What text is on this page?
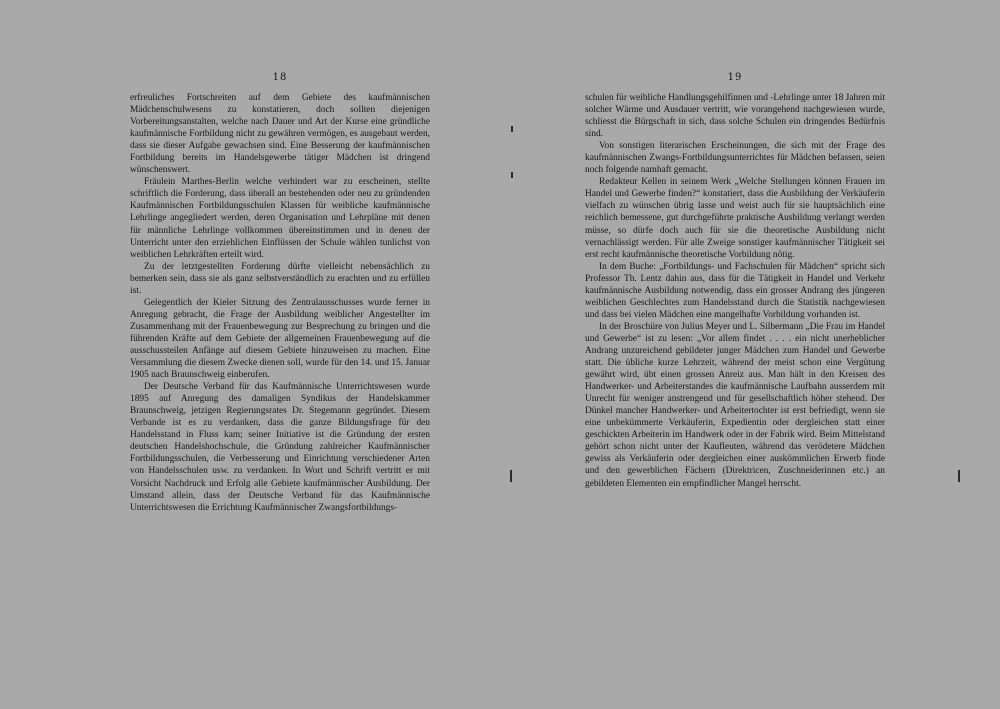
18

erfreuliches Fortschreiten auf dem Gebiete des kaufmännischen Mädchenschulwesens zu konstatieren, doch sollten diejenigen Vorbereitungsanstalten, welche nach Dauer und Art der Kurse eine gründliche kaufmännische Fortbildung nicht zu gewähren vermögen, es ausgebaut werden, dass sie dieser Aufgabe gewachsen sind. Eine Besserung der kaufmännischen Fortbildung bereits im Handelsgewerbe tätiger Mädchen ist dringend wünschenswert.

Fräulein Marthes-Berlin welche verhindert war zu erscheinen, stellte schriftlich die Forderung, dass überall an bestehenden oder neu zu gründenden Kaufmännischen Fortbildungsschulen Klassen für weibliche kaufmännische Lehrlinge angegliedert werden, deren Organisation und Lehrpläne mit denen für männliche Lehrlinge vollkommen übereinstimmen und in denen der Unterricht unter den erziehlichen Einflüssen der Schule wählen tunlichst von weiblichen Lehrkräften erteilt wird.

Zu der letztgestellten Forderung dürfte vielleicht nebensächlich zu bemerken sein, dass sie als ganz selbstverständlich zu erachten und zu erfüllen ist.

Gelegentlich der Kieler Sitzung des Zentralausschusses wurde ferner in Anregung gebracht, die Frage der Ausbildung weiblicher Angestellter im Zusammenhang mit der Frauenbewegung zur Besprechung zu bringen und die führenden Kräfte auf dem Gebiete der allgemeinen Frauenbewegung auf die ausschussteilen Anfänge auf diesem Gebiete hinzuweisen zu machen. Eine Versammlung die diesem Zwecke dienen soll, wurde für den 14. und 15. Januar 1905 nach Braunschweig einberufen.

Der Deutsche Verband für das Kaufmännische Unterrichtswesen wurde 1895 auf Anregung des damaligen Syndikus der Handelskammer Braunschweig, jetzigen Regierungsrates Dr. Stegemann gegründet. Diesem Verbande ist es zu verdanken, dass die ganze Bildungsfrage für den Handelsstand in Fluss kam; seiner Initiative ist die Gründung der ersten deutschen Handelshochschule, die Gründung zahlreicher Kaufmännischer Fortbildungsschulen, die Verbesserung und Einrichtung verschiedener Arten von Handelsschulen usw. zu verdanken. In Wort und Schrift vertritt er mit Vorsicht Nachdruck und Erfolg alle Gebiete kaufmännischer Ausbildung. Der Umstand allein, dass der Deutsche Verband für das Kaufmännische Unterrichtswesen die Errichtung Kaufmännischer Zwangsfortbildungs-

19

schulen für weibliche Handlungsgehilfinnen und -Lehrlinge unter 18 Jahren mit solcher Wärme und Ausdauer vertritt, wie vorangehend nachgewiesen wurde, schliesst die Bürgschaft in sich, dass solche Schulen ein dringendes Bedürfnis sind.

Von sonstigen literarischen Erscheinungen, die sich mit der Frage des kaufmännischen Zwangs-Fortbildungsunterrichtes für Mädchen befassen, seien noch folgende namhaft gemacht.

Redakteur Kellen in seinem Werk „Welche Stellungen können Frauen im Handel und Gewerbe finden?“ konstatiert, dass die Ausbildung der Verkäuferin vielfach zu wünschen übrig lasse und weist auch für sie hauptsächlich eine reichlich bemessene, gut durchgeführte praktische Ausbildung verlangt werden müsse, so dürfe doch auch für sie die theoretische Ausbildung nicht vernachlässigt werden. Für alle Zweige sonstiger kaufmännischer Tätigkeit sei erst recht kaufmännische theoretische Vorbildung nötig.

In dem Buche: „Fortbildungs- und Fachschulen für Mädchen“ spricht sich Professor Th. Lentz dahin aus, dass für die Tätigkeit in Handel und Verkehr kaufmännische Ausbildung notwendig, dass ein grosser Andrang des jüngeren weiblichen Geschlechtes zum Handelsstand durch die Statistik nachgewiesen und dass bei vielen Mädchen eine mangelhafte Vorbildung vorhanden ist.

In der Broschüre von Julius Meyer und L. Silbermann „Die Frau im Handel und Gewerbe“ ist zu lesen: „Vor allem findet . . . . ein nicht unerheblicher Andrang unzureichend gebildeter junger Mädchen zum Handel und Gewerbe statt. Die übliche kurze Lehrzeit, während der meist schon eine Vergütung gewährt wird, übt einen grossen Anreiz aus. Man hält in den Kreisen des Handwerker- und Arbeiterstandes die kaufmännische Laufbahn ausserdem mit Unrecht für weniger anstrengend und für gesellschaftlich höher stehend. Der Dünkel mancher Handwerker- und Arbeitertochter ist erst befriedigt, wenn sie eine unbekümmerte Verkäuferin, Expedientin oder dergleichen statt einer geschickten Arbeiterin im Handwerk oder in der Fabrik wird. Beim Mittelstand gehört schon nicht unter der Kaufleuten, während das verödetere Mädchen gewiss als Verkäuferin oder dergleichen einer auskömmlichen Erwerb finde und den gewerblichen Fächern (Direktricen, Zuschneiderinnen etc.) an gebildeten Elementen ein empfindlicher Mangel herrscht.
